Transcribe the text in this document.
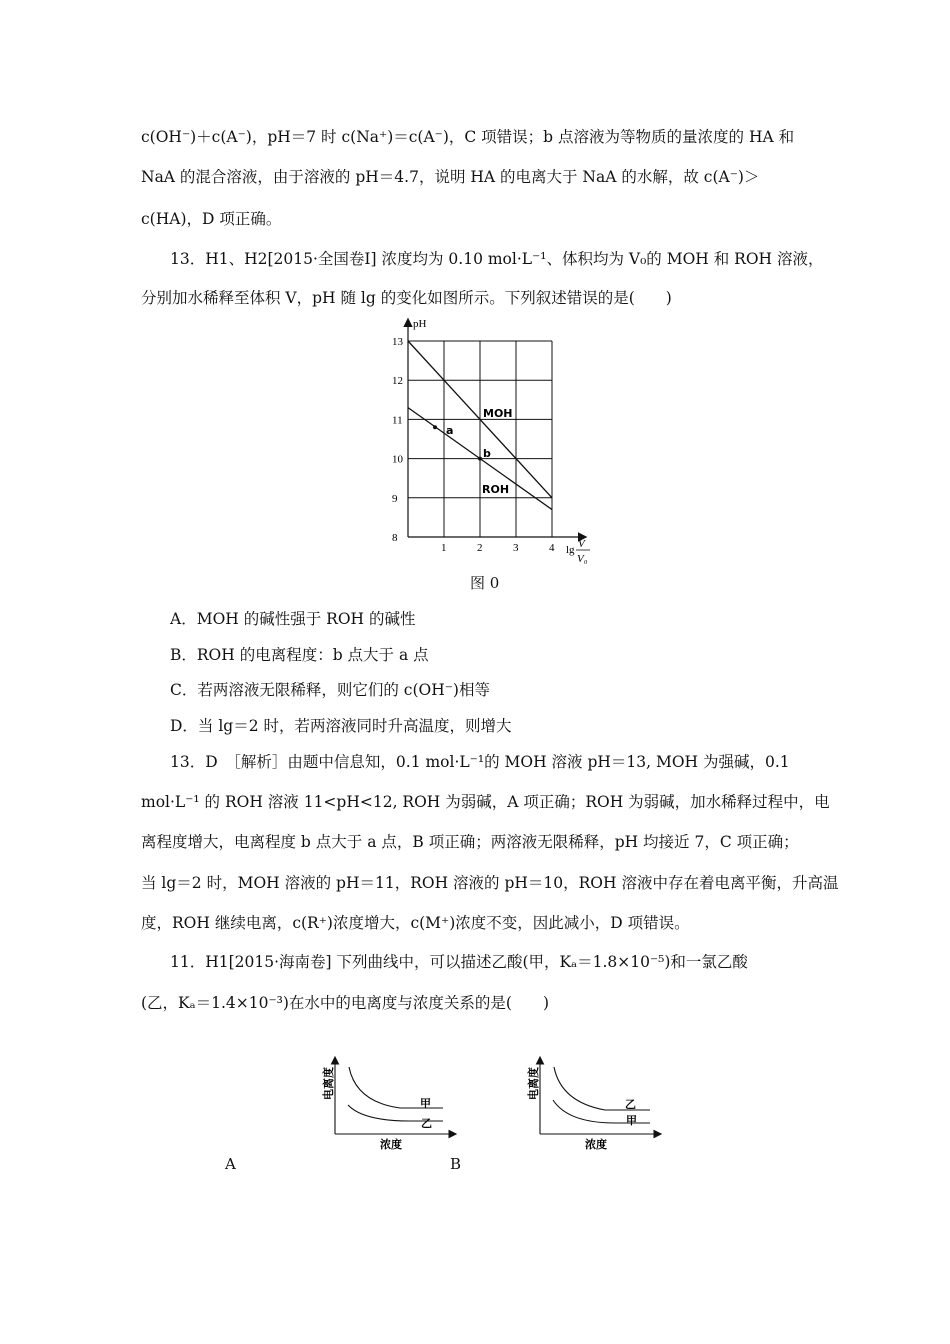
c(OH⁻)＋c(A⁻)，pH＝7 时 c(Na⁺)＝c(A⁻)，C 项错误；b 点溶液为等物质的量浓度的 HA 和
NaA 的混合溶液，由于溶液的 pH＝4.7，说明 HA 的电离大于 NaA 的水解，故 c(A⁻)＞
c(HA)，D 项正确。
13．H1、H2[2015·全国卷Ⅰ] 浓度均为 0.10 mol·L⁻¹、体积均为 V₀的 MOH 和 ROH 溶液，
分别加水稀释至体积 V，pH 随 lg 的变化如图所示。下列叙述错误的是(　　)
8
9
10
11
12
13
1	2	3	4
pH
lg V
V₀
MOH
ROH
a
b
图 0
A．MOH 的碱性强于 ROH 的碱性
B．ROH 的电离程度：b 点大于 a 点
C．若两溶液无限稀释，则它们的 c(OH⁻)相等
D．当 lg＝2 时，若两溶液同时升高温度，则增大
13．D　［解析］由题中信息知，0.1 mol·L⁻¹的 MOH 溶液 pH＝13, MOH 为强碱，0.1
mol·L⁻¹ 的 ROH 溶液 11<pH<12, ROH 为弱碱，A 项正确；ROH 为弱碱，加水稀释过程中，电
离程度增大，电离程度 b 点大于 a 点，B 项正确；两溶液无限稀释，pH 均接近 7，C 项正确；
当 lg＝2 时，MOH 溶液的 pH＝11，ROH 溶液的 pH＝10，ROH 溶液中存在着电离平衡，升高温
度，ROH 继续电离，c(R⁺)浓度增大，c(M⁺)浓度不变，因此减小，D 项错误。
11．H1[2015·海南卷] 下列曲线中，可以描述乙酸(甲，Kₐ＝1.8×10⁻⁵)和一氯乙酸
(乙，Kₐ＝1.4×10⁻³)在水中的电离度与浓度关系的是(　　)
甲
乙
浓度
电离度
A
乙
甲
浓度
电离度
B
